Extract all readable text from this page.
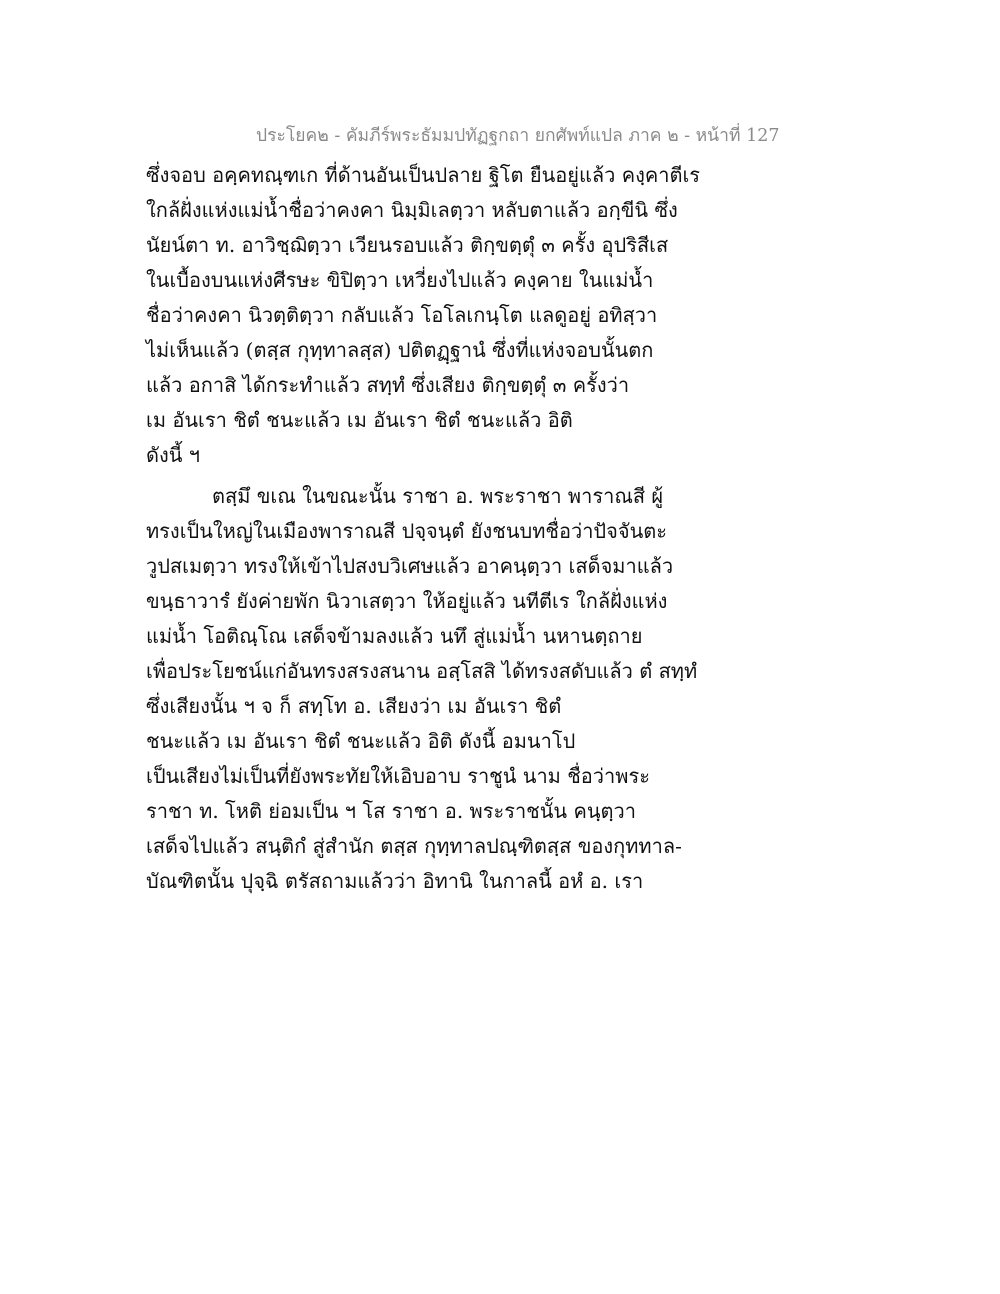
ประโยค๒ - คัมภีร์พระธัมมปทัฏฐกถา ยกศัพท์แปล ภาค ๒ - หน้าที่ 127
ซึ่งจอบ อคฺคทณฺฑเก ที่ด้านอันเป็นปลาย ฐิโต ยืนอยู่แล้ว คงฺคาตีเร
ใกล้ฝั่งแห่งแม่น้ำชื่อว่าคงคา นิมฺมิเลตฺวา หลับตาแล้ว อกฺขีนิ ซึ่ง
นัยน์ตา ท. อาวิชฺฌิตฺวา เวียนรอบแล้ว ติกฺขตฺตุํ ๓ ครั้ง อุปริสีเส
ในเบื้องบนแห่งศีรษะ ขิปิตฺวา เหวี่ยงไปแล้ว คงฺคาย ในแม่น้ำ
ชื่อว่าคงคา นิวตฺติตฺวา กลับแล้ว โอโลเกนฺโต แลดูอยู่ อทิสฺวา
ไม่เห็นแล้ว (ตสฺส กุทฺทาลสฺส) ปติตฏฺฐานํ ซึ่งที่แห่งจอบนั้นตก
แล้ว อกาสิ ได้กระทำแล้ว สทฺทํ ซึ่งเสียง ติกฺขตฺตุํ ๓ ครั้งว่า
เม อันเรา ชิตํ ชนะแล้ว เม อันเรา ชิตํ ชนะแล้ว อิติ
ดังนี้ ฯ
ตสฺมึ ขเณ ในขณะนั้น ราชา อ. พระราชา พาราณสี ผู้
ทรงเป็นใหญ่ในเมืองพาราณสี ปจฺจนฺตํ ยังชนบทชื่อว่าปัจจันตะ
วูปสเมตฺวา ทรงให้เข้าไปสงบวิเศษแล้ว อาคนฺตฺวา เสด็จมาแล้ว
ขนฺธาวารํ ยังค่ายพัก นิวาเสตฺวา ให้อยู่แล้ว นทีตีเร ใกล้ฝั่งแห่ง
แม่น้ำ โอติณฺโณ เสด็จข้ามลงแล้ว นทึ สู่แม่น้ำ นหานตฺถาย
เพื่อประโยชน์แก่อันทรงสรงสนาน อสฺโสสิ ได้ทรงสดับแล้ว ตํ สทฺทํ
ซึ่งเสียงนั้น ฯ จ ก็ สทฺโท อ. เสียงว่า เม อันเรา ชิตํ
ชนะแล้ว เม อันเรา ชิตํ ชนะแล้ว อิติ ดังนี้ อมนาโป
เป็นเสียงไม่เป็นที่ยังพระทัยให้เอิบอาบ ราชูนํ นาม ชื่อว่าพระ
ราชา ท. โหติ ย่อมเป็น ฯ โส ราชา อ. พระราชนั้น คนฺตฺวา
เสด็จไปแล้ว สนฺติกํ สู่สำนัก ตสฺส กุทฺทาลปณฺฑิตสฺส ของกุททาล-
บัณฑิตนั้น ปุจฺฉิ ตรัสถามแล้วว่า อิทานิ ในกาลนี้ อหํ อ. เรา
